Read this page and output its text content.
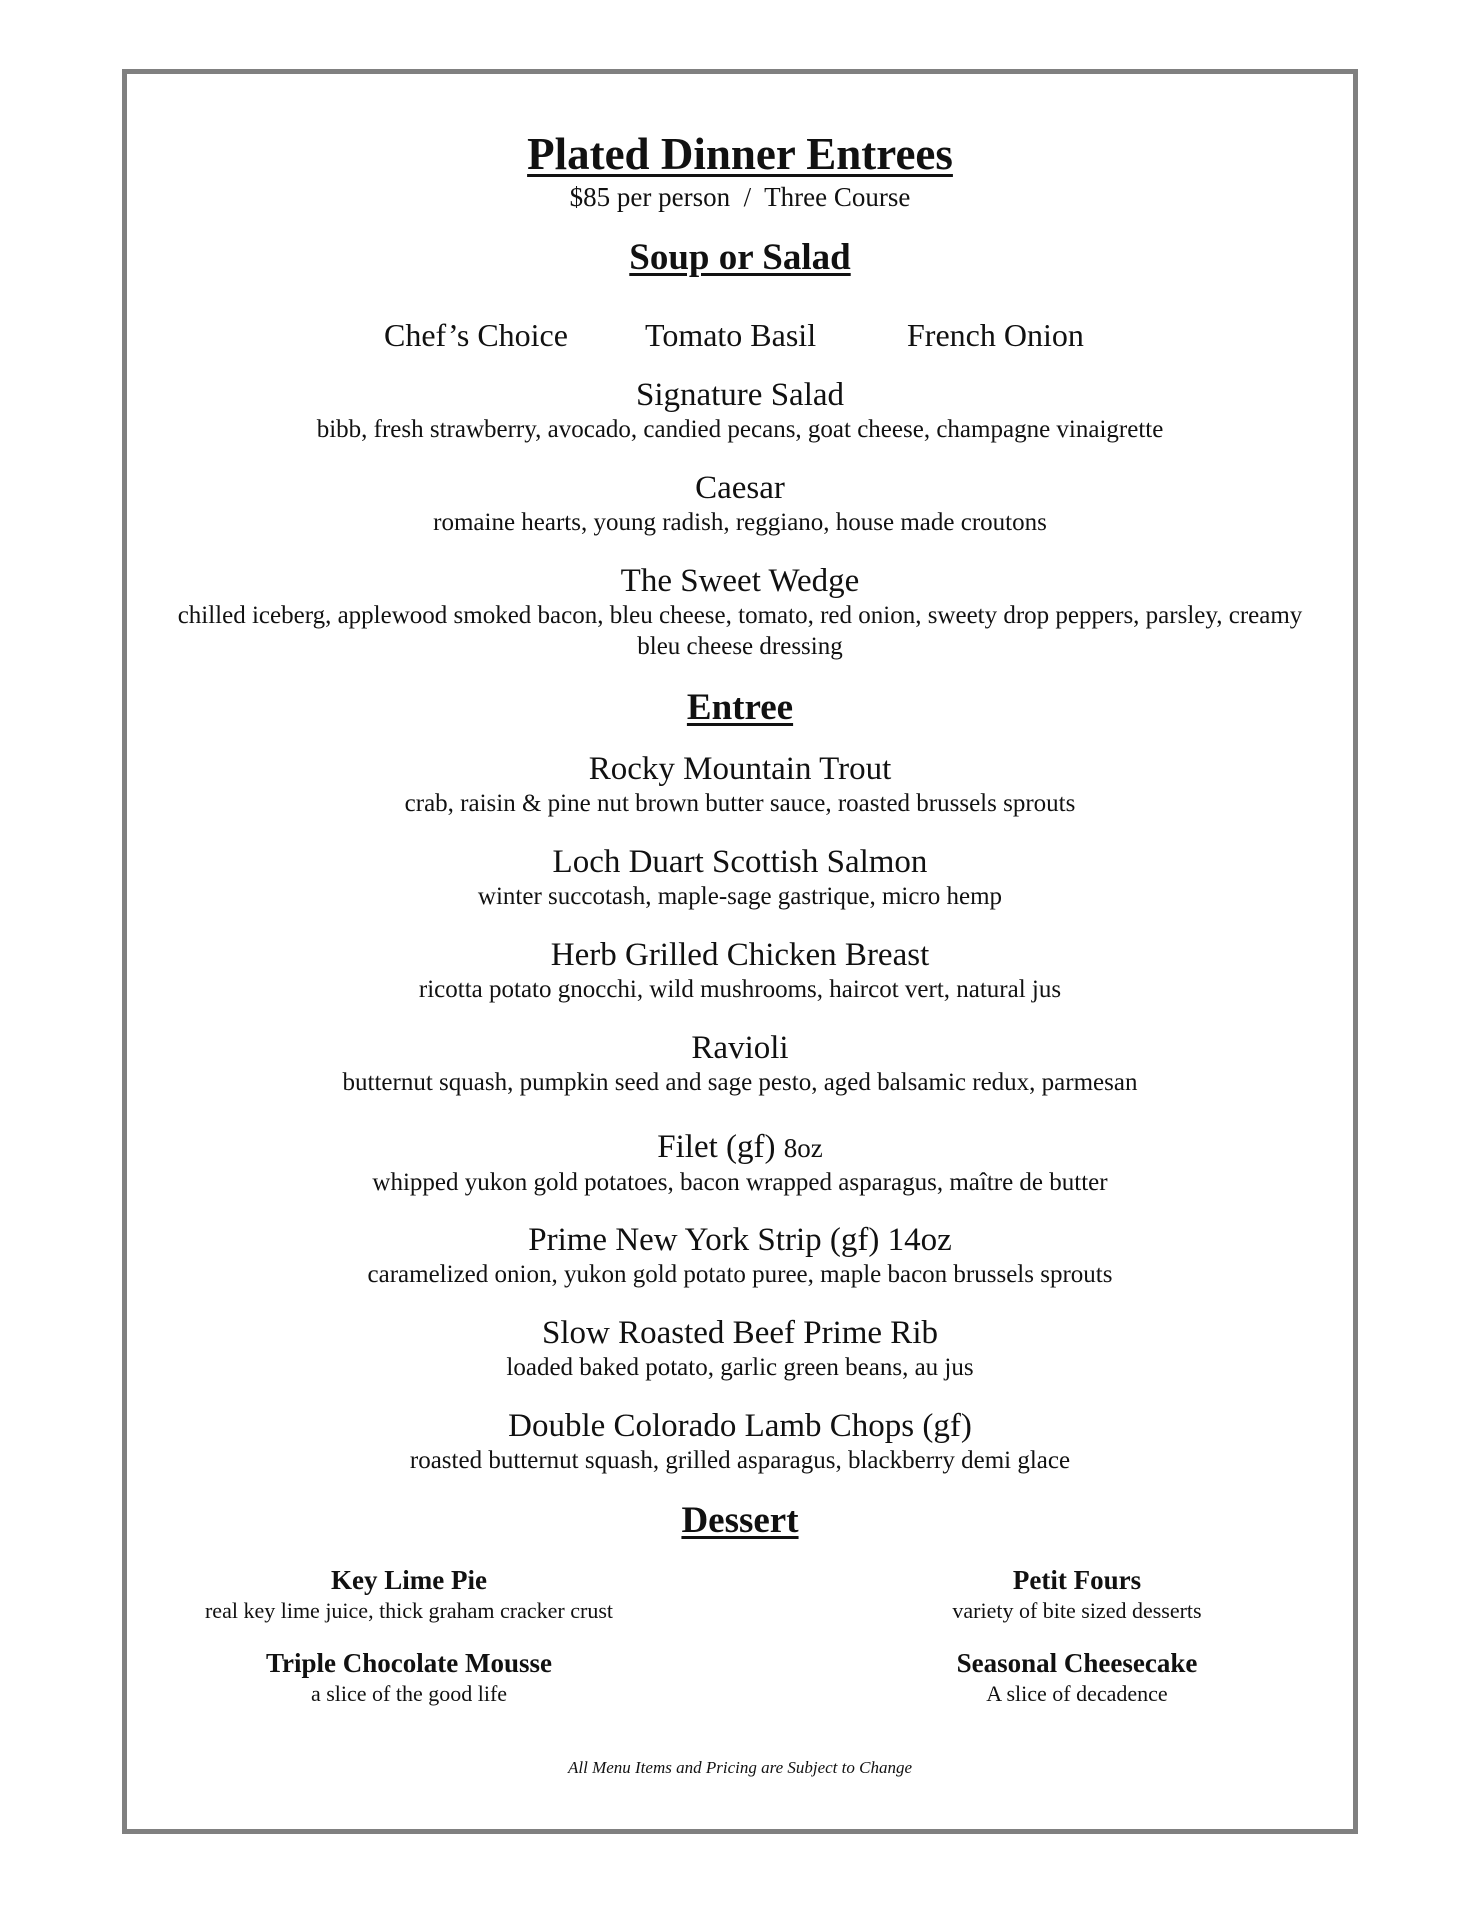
Plated Dinner Entrees
$85 per person  /  Three Course
Soup or Salad
Chef’s Choice Tomato Basil	French Onion
Signature Salad
bibb, fresh strawberry, avocado, candied pecans, goat cheese, champagne vinaigrette
Caesar
romaine hearts, young radish, reggiano, house made croutons
The Sweet Wedge
chilled iceberg, applewood smoked bacon, bleu cheese, tomato, red onion, sweety drop peppers, parsley, creamy bleu cheese dressing
Entree
Rocky Mountain Trout
crab, raisin & pine nut brown butter sauce, roasted brussels sprouts
Loch Duart Scottish Salmon
winter succotash, maple-sage gastrique, micro hemp
Herb Grilled Chicken Breast
ricotta potato gnocchi, wild mushrooms, haircot vert, natural jus
Ravioli
butternut squash, pumpkin seed and sage pesto, aged balsamic redux, parmesan
Filet (gf) 8oz
whipped yukon gold potatoes, bacon wrapped asparagus, maître de butter
Prime New York Strip (gf) 14oz
caramelized onion, yukon gold potato puree, maple bacon brussels sprouts
Slow Roasted Beef Prime Rib
loaded baked potato, garlic green beans, au jus
Double Colorado Lamb Chops (gf)
roasted butternut squash, grilled asparagus, blackberry demi glace
Dessert
Key Lime Pie
real key lime juice, thick graham cracker crust
Petit Fours
variety of bite sized desserts
Triple Chocolate Mousse
a slice of the good life
Seasonal Cheesecake
A slice of decadence
All Menu Items and Pricing are Subject to Change
